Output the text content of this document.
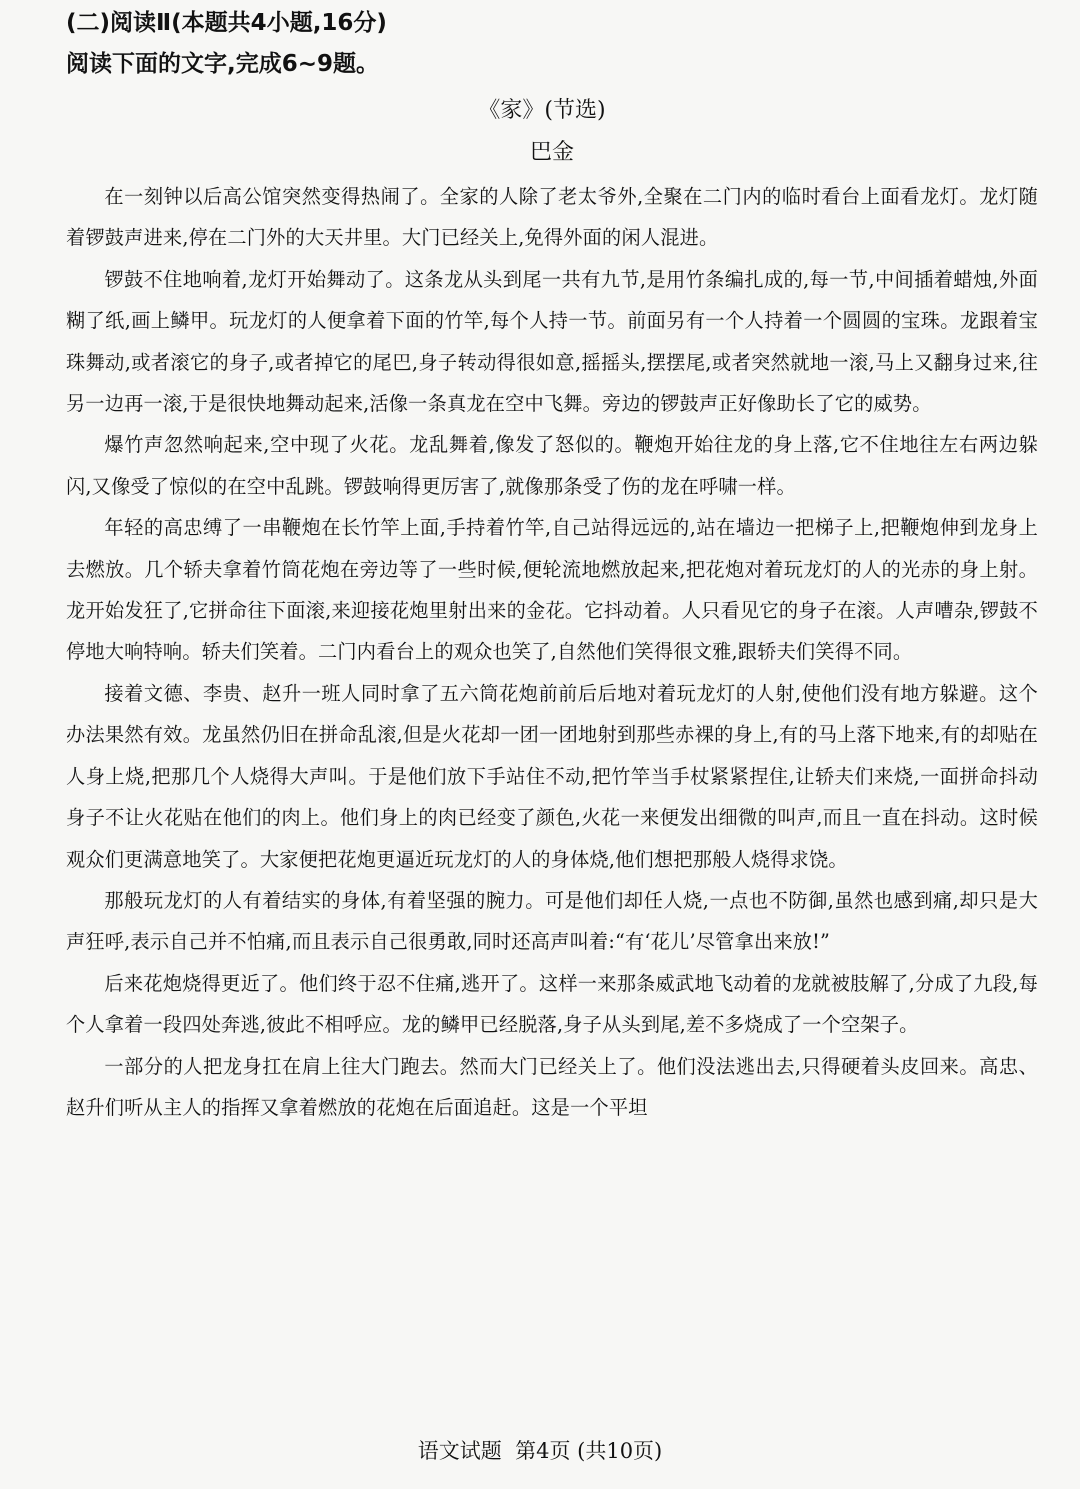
(二)阅读Ⅱ(本题共4小题,16分)
阅读下面的文字,完成6~9题。
《家》(节选)
巴金

在一刻钟以后高公馆突然变得热闹了。全家的人除了老太爷外,全聚在二门内的临时看台上面看龙灯。龙灯随着锣鼓声进来,停在二门外的大天井里。大门已经关上,免得外面的闲人混进。

锣鼓不住地响着,龙灯开始舞动了。这条龙从头到尾一共有九节,是用竹条编扎成的,每一节,中间插着蜡烛,外面糊了纸,画上鳞甲。玩龙灯的人便拿着下面的竹竿,每个人持一节。前面另有一个人持着一个圆圆的宝珠。龙跟着宝珠舞动,或者滚它的身子,或者掉它的尾巴,身子转动得很如意,摇摇头,摆摆尾,或者突然就地一滚,马上又翻身过来,往另一边再一滚,于是很快地舞动起来,活像一条真龙在空中飞舞。旁边的锣鼓声正好像助长了它的威势。

爆竹声忽然响起来,空中现了火花。龙乱舞着,像发了怒似的。鞭炮开始往龙的身上落,它不住地往左右两边躲闪,又像受了惊似的在空中乱跳。锣鼓响得更厉害了,就像那条受了伤的龙在呼啸一样。

年轻的高忠缚了一串鞭炮在长竹竿上面,手持着竹竿,自己站得远远的,站在墙边一把梯子上,把鞭炮伸到龙身上去燃放。几个轿夫拿着竹筒花炮在旁边等了一些时候,便轮流地燃放起来,把花炮对着玩龙灯的人的光赤的身上射。龙开始发狂了,它拼命往下面滚,来迎接花炮里射出来的金花。它抖动着。人只看见它的身子在滚。人声嘈杂,锣鼓不停地大响特响。轿夫们笑着。二门内看台上的观众也笑了,自然他们笑得很文雅,跟轿夫们笑得不同。

接着文德、李贵、赵升一班人同时拿了五六筒花炮前前后后地对着玩龙灯的人射,使他们没有地方躲避。这个办法果然有效。龙虽然仍旧在拼命乱滚,但是火花却一团一团地射到那些赤裸的身上,有的马上落下地来,有的却贴在人身上烧,把那几个人烧得大声叫。于是他们放下手站住不动,把竹竿当手杖紧紧捏住,让轿夫们来烧,一面拼命抖动身子不让火花贴在他们的肉上。他们身上的肉已经变了颜色,火花一来便发出细微的叫声,而且一直在抖动。这时候观众们更满意地笑了。大家便把花炮更逼近玩龙灯的人的身体烧,他们想把那般人烧得求饶。

那般玩龙灯的人有着结实的身体,有着坚强的腕力。可是他们却任人烧,一点也不防御,虽然也感到痛,却只是大声狂呼,表示自己并不怕痛,而且表示自己很勇敢,同时还高声叫着:“有‘花儿’尽管拿出来放!”

后来花炮烧得更近了。他们终于忍不住痛,逃开了。这样一来那条威武地飞动着的龙就被肢解了,分成了九段,每个人拿着一段四处奔逃,彼此不相呼应。龙的鳞甲已经脱落,身子从头到尾,差不多烧成了一个空架子。

一部分的人把龙身扛在肩上往大门跑去。然而大门已经关上了。他们没法逃出去,只得硬着头皮回来。高忠、赵升们听从主人的指挥又拿着燃放的花炮在后面追赶。这是一个平坦

语文试题  第4页 (共10页)
